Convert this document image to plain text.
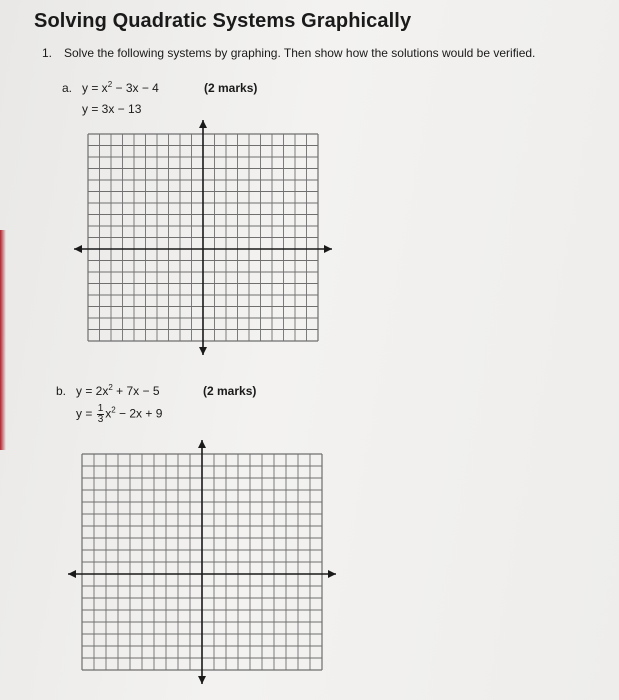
Solving Quadratic Systems Graphically
1. Solve the following systems by graphing. Then show how the solutions would be verified.
a. $y = x^2 - 3x - 4$	(2 marks)
y = 3x − 13
b. $y = 2x^2 + 7x - 5$	(2 marks)
$y = \frac{1}{3} x^2 - 2x + 9$
